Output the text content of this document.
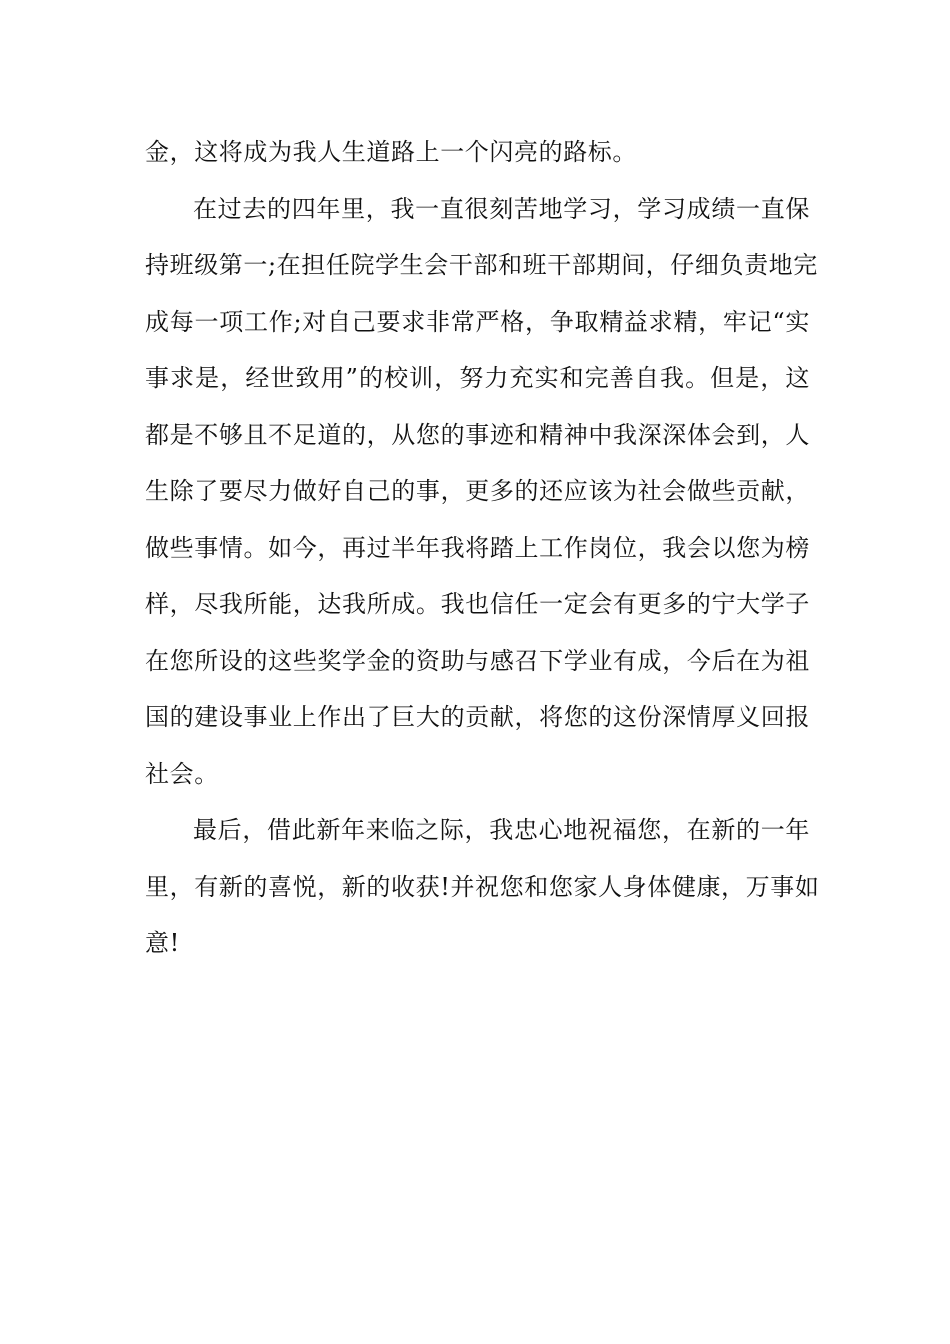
金，这将成为我人生道路上一个闪亮的路标。
在过去的四年里，我一直很刻苦地学习，学习成绩一直保
持班级第一;在担任院学生会干部和班干部期间，仔细负责地完
成每一项工作;对自己要求非常严格，争取精益求精，牢记“实
事求是，经世致用”的校训，努力充实和完善自我。但是，这
都是不够且不足道的，从您的事迹和精神中我深深体会到，人
生除了要尽力做好自己的事，更多的还应该为社会做些贡献，
做些事情。如今，再过半年我将踏上工作岗位，我会以您为榜
样，尽我所能，达我所成。我也信任一定会有更多的宁大学子
在您所设的这些奖学金的资助与感召下学业有成，今后在为祖
国的建设事业上作出了巨大的贡献，将您的这份深情厚义回报
社会。
最后，借此新年来临之际，我忠心地祝福您，在新的一年
里，有新的喜悦，新的收获!并祝您和您家人身体健康，万事如
意!
